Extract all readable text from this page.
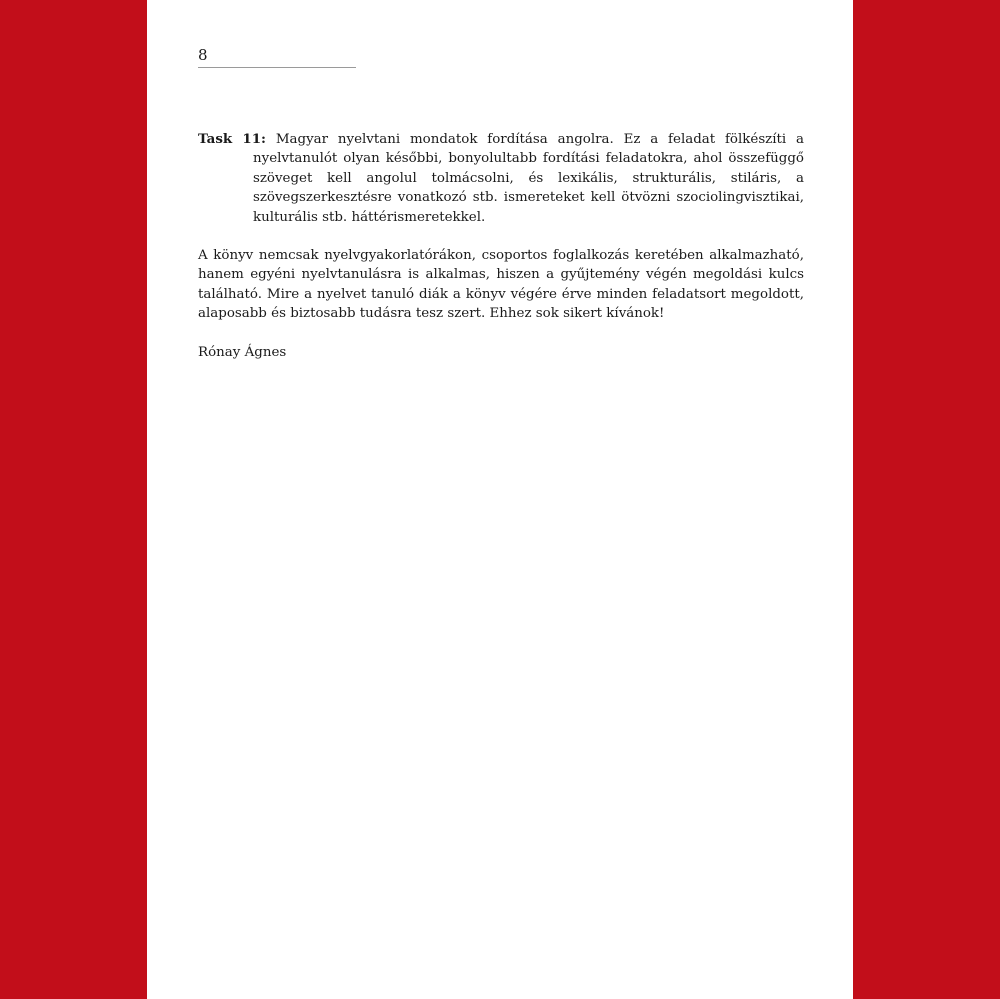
8

Task 11: Magyar nyelvtani mondatok fordítása angolra. Ez a feladat fölkészíti a nyelvtanulót olyan későbbi, bonyolultabb fordítási feladatokra, ahol összefüggő szöveget kell angolul tolmácsolni, és lexikális, strukturális, stiláris, a szövegszerkesztésre vonatkozó stb. ismereteket kell ötvözni szociolingvisztikai, kulturális stb. háttérismeretekkel.

A könyv nemcsak nyelvgyakorlatórákon, csoportos foglalkozás keretében alkalmazható, hanem egyéni nyelvtanulásra is alkalmas, hiszen a gyűjtemény végén megoldási kulcs található. Mire a nyelvet tanuló diák a könyv végére érve minden feladatsort megoldott, alaposabb és biztosabb tudásra tesz szert. Ehhez sok sikert kívánok!

Rónay Ágnes
